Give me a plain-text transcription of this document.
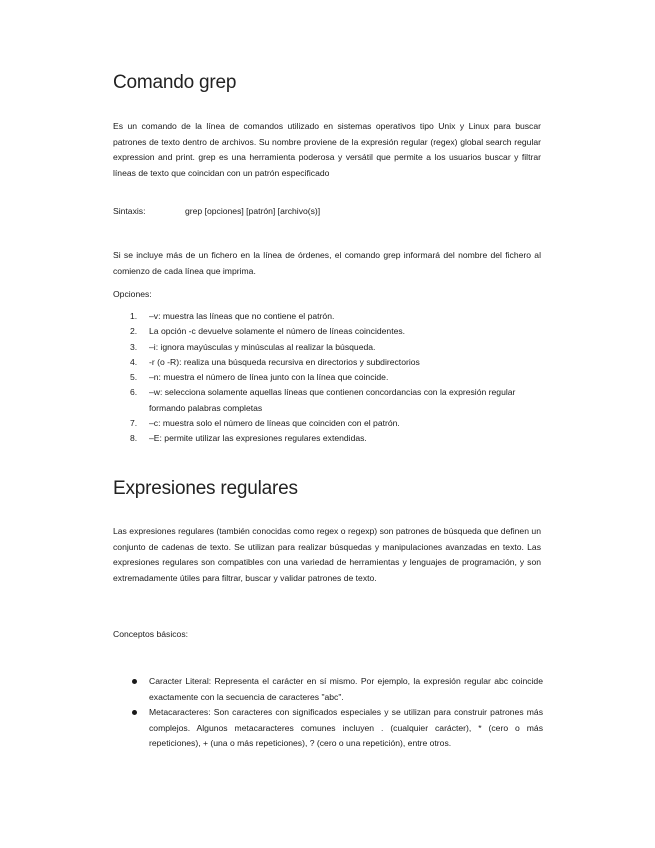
Comando grep

Es un comando de la línea de comandos utilizado en sistemas operativos tipo Unix y Linux para buscar patrones de texto dentro de archivos. Su nombre proviene de la expresión regular (regex) global search regular expression and print. grep es una herramienta poderosa y versátil que permite a los usuarios buscar y filtrar líneas de texto que coincidan con un patrón especificado

Sintaxis:	grep [opciones] [patrón] [archivo(s)]

Si se incluye más de un fichero en la línea de órdenes, el comando grep informará del nombre del fichero al comienzo de cada línea que imprima.

Opciones:

1. –v: muestra las líneas que no contiene el patrón.
2. La opción -c devuelve solamente el número de líneas coincidentes.
3. –i: ignora mayúsculas y minúsculas al realizar la búsqueda.
4. -r (o -R): realiza una búsqueda recursiva en directorios y subdirectorios
5. –n: muestra el número de línea junto con la línea que coincide.
6. –w: selecciona solamente aquellas líneas que contienen concordancias con la expresión regular formando palabras completas
7. –c: muestra solo el número de líneas que coinciden con el patrón.
8. –E: permite utilizar las expresiones regulares extendidas.
Expresiones regulares

Las expresiones regulares (también conocidas como regex o regexp) son patrones de búsqueda que definen un conjunto de cadenas de texto. Se utilizan para realizar búsquedas y manipulaciones avanzadas en texto. Las expresiones regulares son compatibles con una variedad de herramientas y lenguajes de programación, y son extremadamente útiles para filtrar, buscar y validar patrones de texto.

Conceptos básicos:

Caracter Literal: Representa el carácter en sí mismo. Por ejemplo, la expresión regular abc coincide exactamente con la secuencia de caracteres "abc".
Metacaracteres: Son caracteres con significados especiales y se utilizan para construir patrones más complejos. Algunos metacaracteres comunes incluyen . (cualquier carácter), * (cero o más repeticiones), + (una o más repeticiones), ? (cero o una repetición), entre otros.
